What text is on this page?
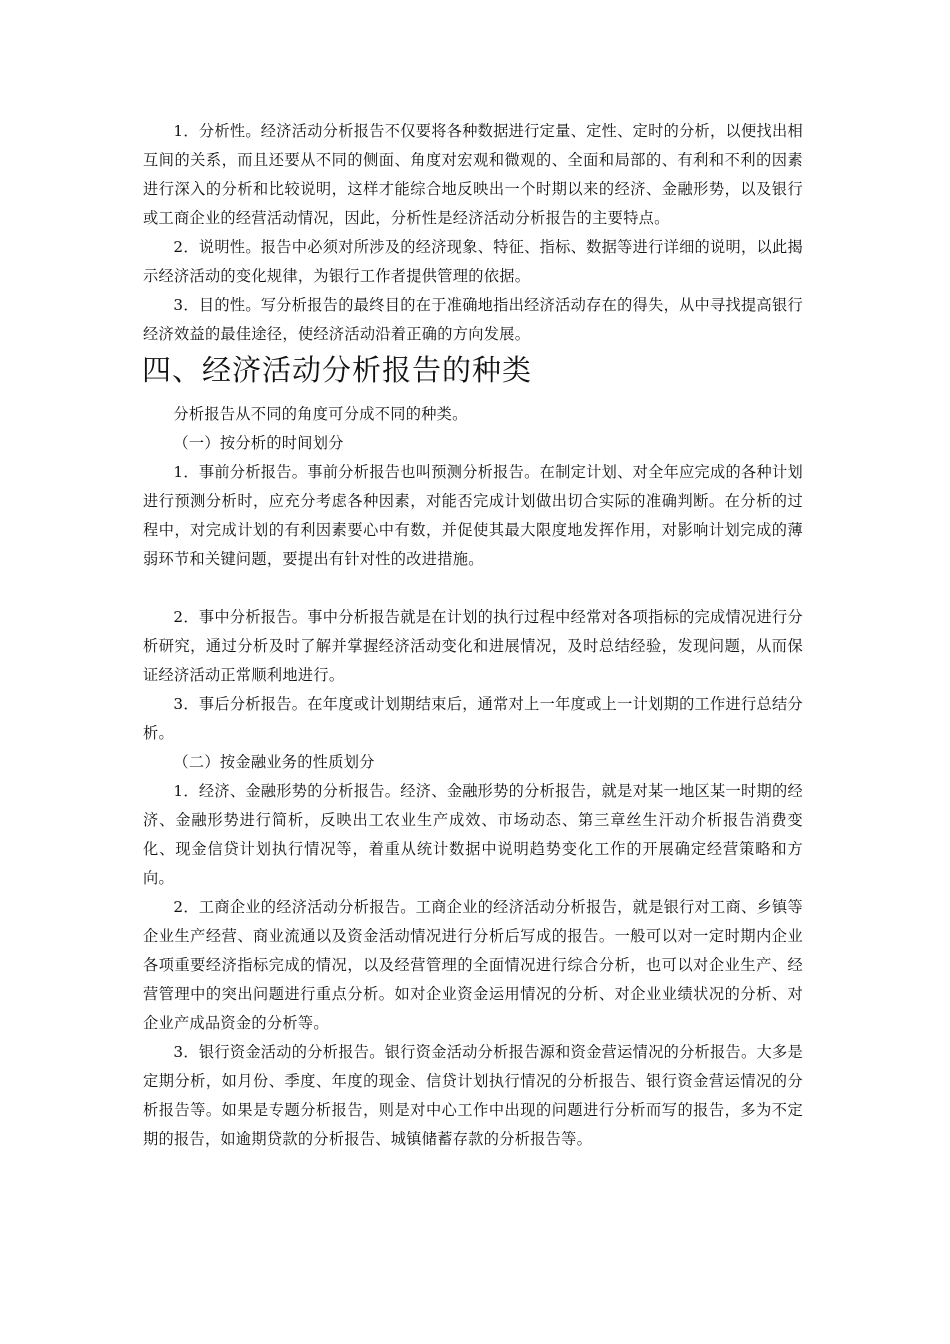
1．分析性。经济活动分析报告不仅要将各种数据进行定量、定性、定时的分析，以便找出相互间的关系，而且还要从不同的侧面、角度对宏观和微观的、全面和局部的、有利和不利的因素进行深入的分析和比较说明，这样才能综合地反映出一个时期以来的经济、金融形势，以及银行或工商企业的经营活动情况，因此，分析性是经济活动分析报告的主要特点。

2．说明性。报告中必须对所涉及的经济现象、特征、指标、数据等进行详细的说明，以此揭示经济活动的变化规律，为银行工作者提供管理的依据。

3．目的性。写分析报告的最终目的在于准确地指出经济活动存在的得失，从中寻找提高银行经济效益的最佳途径，使经济活动沿着正确的方向发展。

四、经济活动分析报告的种类

分析报告从不同的角度可分成不同的种类。

（一）按分析的时间划分

1．事前分析报告。事前分析报告也叫预测分析报告。在制定计划、对全年应完成的各种计划进行预测分析时，应充分考虑各种因素，对能否完成计划做出切合实际的准确判断。在分析的过程中，对完成计划的有利因素要心中有数，并促使其最大限度地发挥作用，对影响计划完成的薄弱环节和关键问题，要提出有针对性的改进措施。

2．事中分析报告。事中分析报告就是在计划的执行过程中经常对各项指标的完成情况进行分析研究，通过分析及时了解并掌握经济活动变化和进展情况，及时总结经验，发现问题，从而保证经济活动正常顺利地进行。

3．事后分析报告。在年度或计划期结束后，通常对上一年度或上一计划期的工作进行总结分析。

（二）按金融业务的性质划分

1．经济、金融形势的分析报告。经济、金融形势的分析报告，就是对某一地区某一时期的经济、金融形势进行简析，反映出工农业生产成效、市场动态、第三章丝生汗动介析报告消费变化、现金信贷计划执行情况等，着重从统计数据中说明趋势变化工作的开展确定经营策略和方向。

2．工商企业的经济活动分析报告。工商企业的经济活动分析报告，就是银行对工商、乡镇等企业生产经营、商业流通以及资金活动情况进行分析后写成的报告。一般可以对一定时期内企业各项重要经济指标完成的情况，以及经营管理的全面情况进行综合分析，也可以对企业生产、经营管理中的突出问题进行重点分析。如对企业资金运用情况的分析、对企业业绩状况的分析、对企业产成品资金的分析等。

3．银行资金活动的分析报告。银行资金活动分析报告源和资金营运情况的分析报告。大多是定期分析，如月份、季度、年度的现金、信贷计划执行情况的分析报告、银行资金营运情况的分析报告等。如果是专题分析报告，则是对中心工作中出现的问题进行分析而写的报告，多为不定期的报告，如逾期贷款的分析报告、城镇储蓄存款的分析报告等。
